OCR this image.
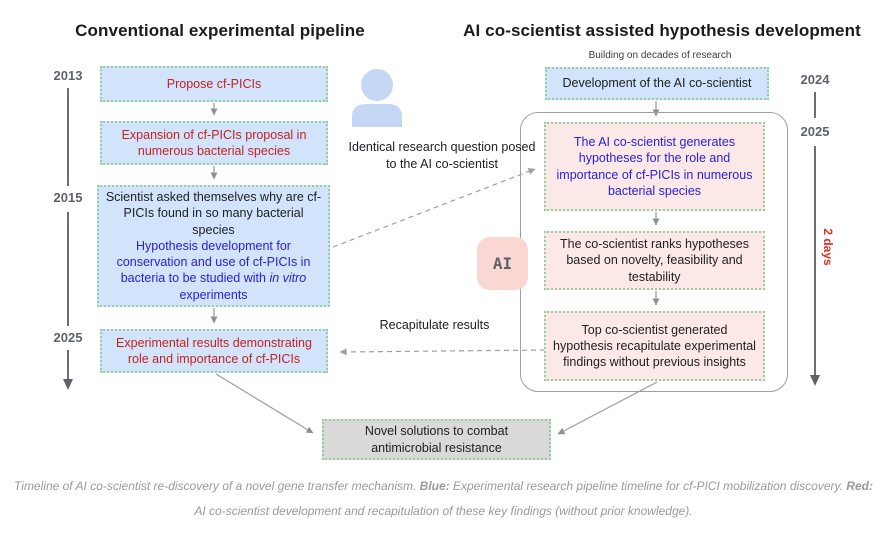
Conventional experimental pipeline	AI co-scientist assisted hypothesis development
Building on decades of research
2013
2015
2025
2024
2025
2 days
Propose cf-PICIs
Expansion of cf-PICIs proposal in numerous bacterial species
Scientist asked themselves why are cf-PICIs found in so many bacterial species
Hypothesis development for conservation and use of cf-PICIs in bacteria to be studied with in vitro experiments
Experimental results demonstrating role and importance of cf-PICIs
Identical research question posed to the AI co-scientist
Recapitulate results
Development of the AI co-scientist
The AI co-scientist generates hypotheses for the role and importance of cf-PICIs in numerous bacterial species
The co-scientist ranks hypotheses based on novelty, feasibility and testability
Top co-scientist generated hypothesis recapitulate experimental findings without previous insights
AI
Novel solutions to combat antimicrobial resistance
Timeline of AI co-scientist re-discovery of a novel gene transfer mechanism. Blue: Experimental research pipeline timeline for cf-PICI mobilization discovery. Red: AI co-scientist development and recapitulation of these key findings (without prior knowledge).
